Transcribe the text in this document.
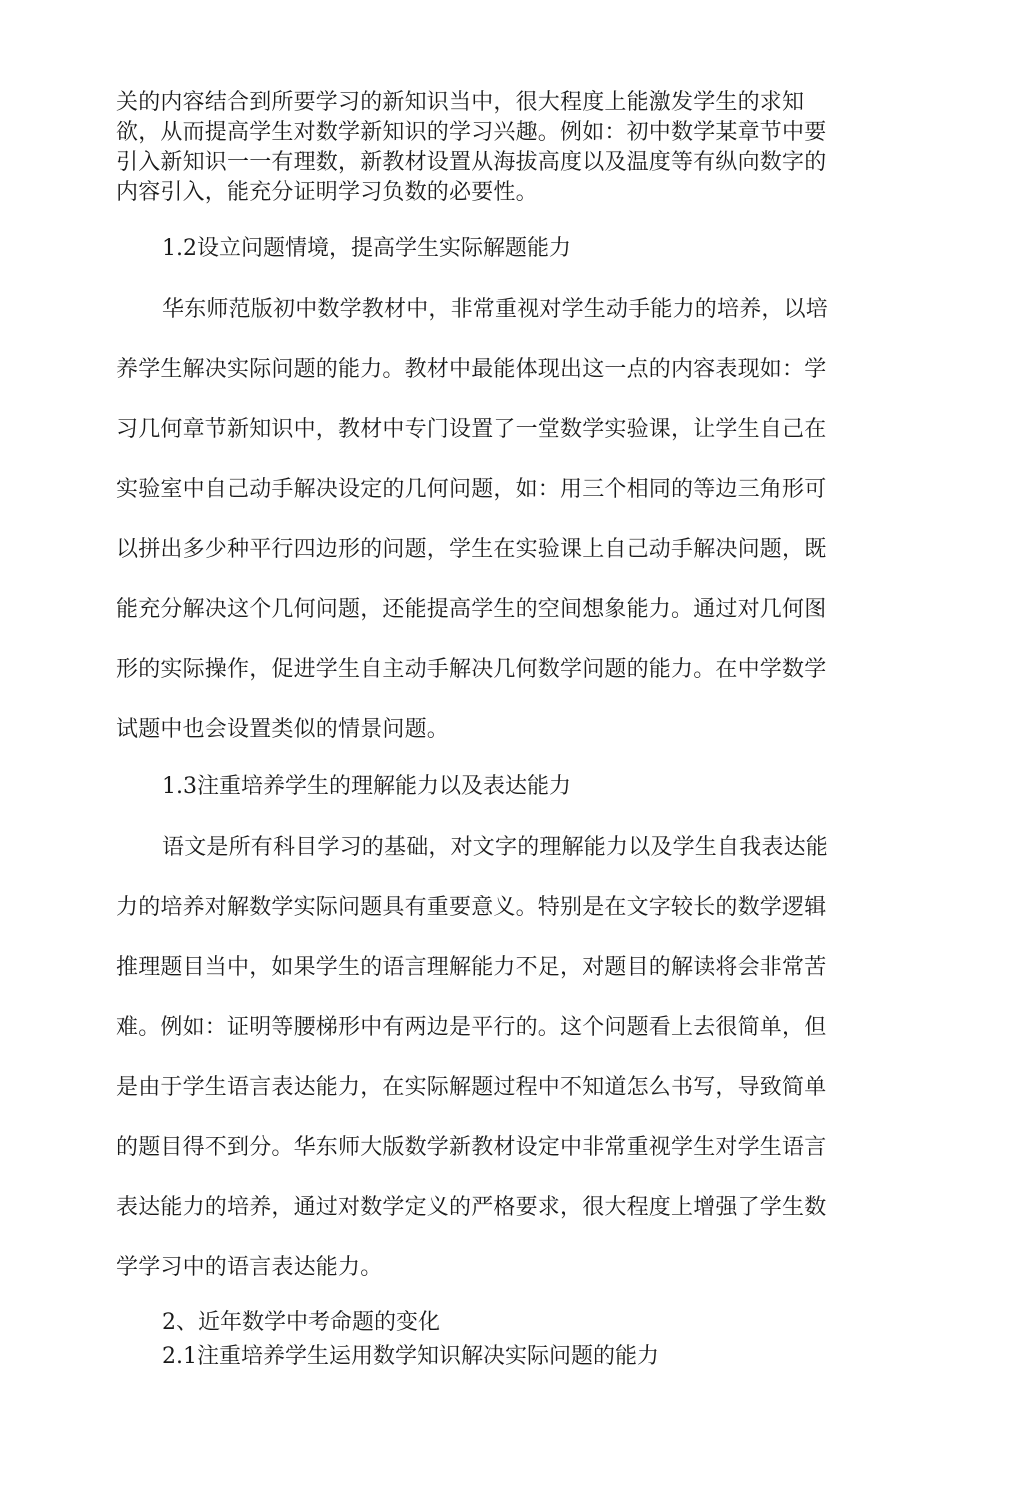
关的内容结合到所要学习的新知识当中，很大程度上能激发学生的求知
欲，从而提高学生对数学新知识的学习兴趣。例如：初中数学某章节中要
引入新知识一一有理数，新教材设置从海拔高度以及温度等有纵向数字的
内容引入，能充分证明学习负数的必要性。
1.2设立问题情境，提高学生实际解题能力
华东师范版初中数学教材中，非常重视对学生动手能力的培养，以培
养学生解决实际问题的能力。教材中最能体现出这一点的内容表现如：学
习几何章节新知识中，教材中专门设置了一堂数学实验课，让学生自己在
实验室中自己动手解决设定的几何问题，如：用三个相同的等边三角形可
以拼出多少种平行四边形的问题，学生在实验课上自己动手解决问题，既
能充分解决这个几何问题，还能提高学生的空间想象能力。通过对几何图
形的实际操作，促进学生自主动手解决几何数学问题的能力。在中学数学
试题中也会设置类似的情景问题。
1.3注重培养学生的理解能力以及表达能力
语文是所有科目学习的基础，对文字的理解能力以及学生自我表达能
力的培养对解数学实际问题具有重要意义。特别是在文字较长的数学逻辑
推理题目当中，如果学生的语言理解能力不足，对题目的解读将会非常苦
难。例如：证明等腰梯形中有两边是平行的。这个问题看上去很简单，但
是由于学生语言表达能力，在实际解题过程中不知道怎么书写，导致简单
的题目得不到分。华东师大版数学新教材设定中非常重视学生对学生语言
表达能力的培养，通过对数学定义的严格要求，很大程度上增强了学生数
学学习中的语言表达能力。
2、近年数学中考命题的变化
2.1注重培养学生运用数学知识解决实际问题的能力
